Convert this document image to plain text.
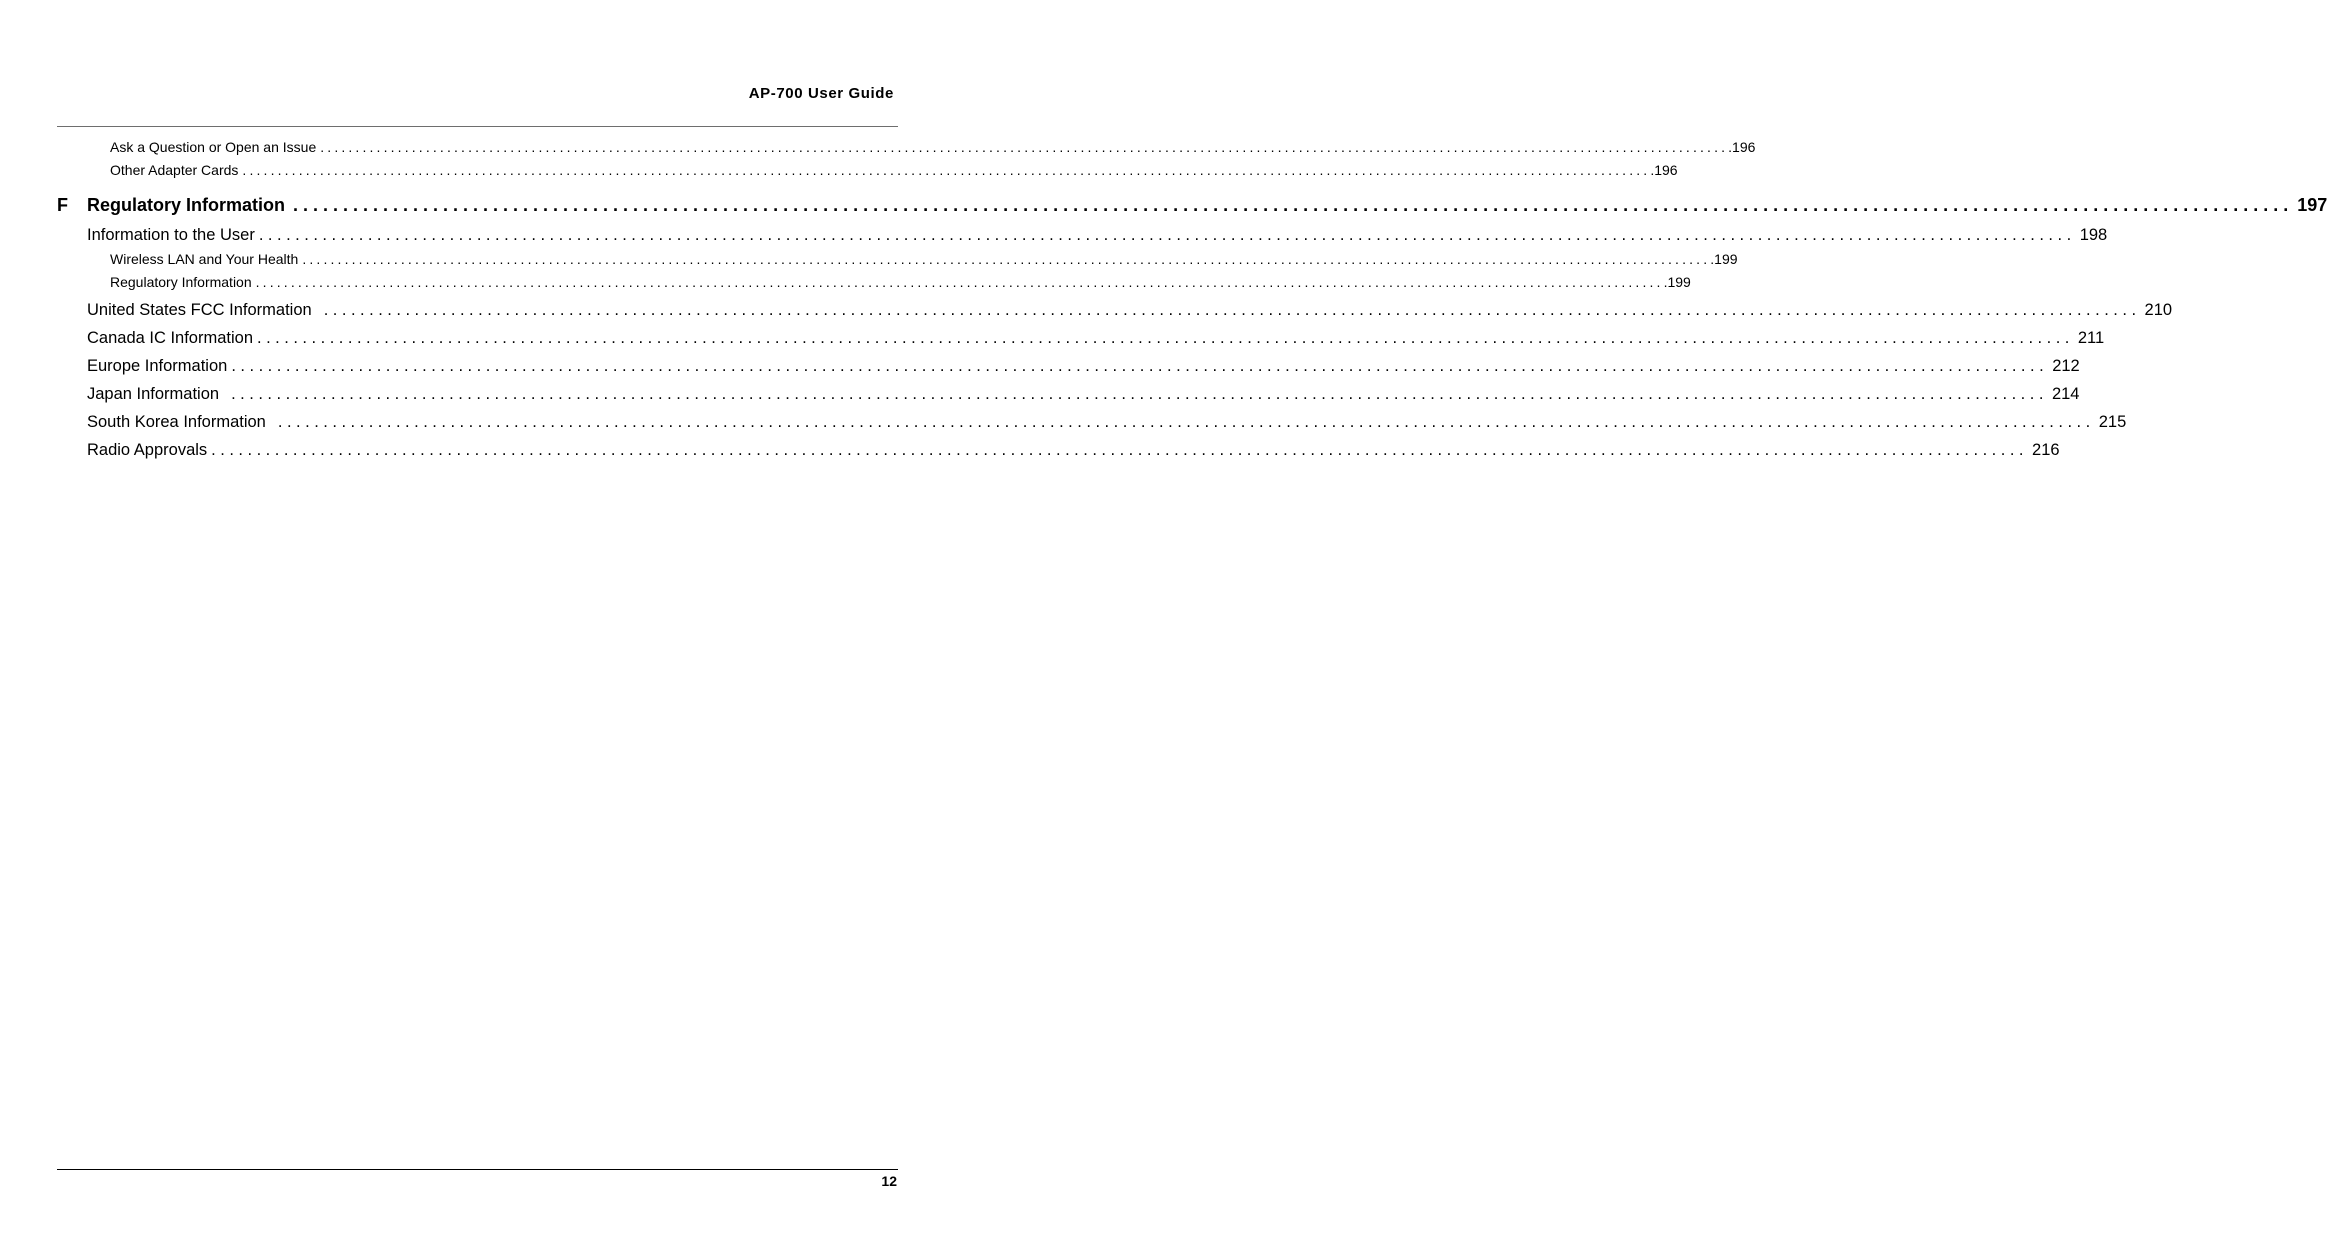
AP-700 User Guide
Ask a Question or Open an Issue ........................................................................................................................................................................................................ .196
Other Adapter Cards ........................................................................................................................................................................................................ .196
F	Regulatory Information ........................................................................................................................................................................................................ 197
Information to the User ........................................................................................................................................................................................................ 198
Wireless LAN and Your Health ........................................................................................................................................................................................................ .199
Regulatory Information ........................................................................................................................................................................................................ .199
United States FCC Information ........................................................................................................................................................................................................ 210
Canada IC Information ........................................................................................................................................................................................................ 211
Europe Information ........................................................................................................................................................................................................ 212
Japan Information ........................................................................................................................................................................................................ 214
South Korea Information ........................................................................................................................................................................................................ 215
Radio Approvals ........................................................................................................................................................................................................ 216
12
